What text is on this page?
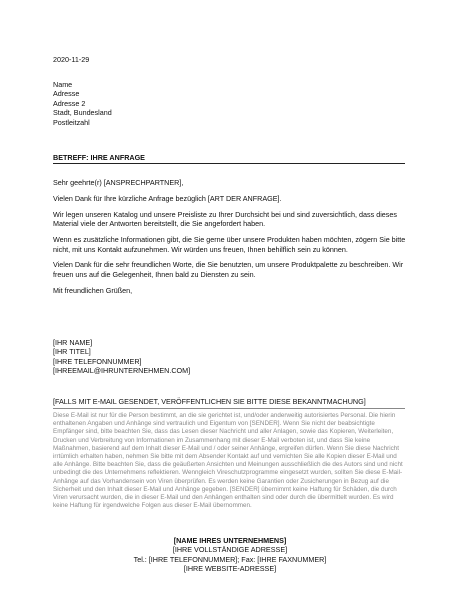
2020-11-29
Name
Adresse
Adresse 2
Stadt, Bundesland
Postleitzahl
BETREFF: IHRE ANFRAGE

Sehr geehrte(r) [ANSPRECHPARTNER],

Vielen Dank für Ihre kürzliche Anfrage bezüglich [ART DER ANFRAGE].

Wir legen unseren Katalog und unsere Preisliste zu Ihrer Durchsicht bei und sind zuversichtlich, dass dieses Material viele der Antworten bereitstellt, die Sie angefordert haben.

Wenn es zusätzliche Informationen gibt, die Sie gerne über unsere Produkten haben möchten, zögern Sie bitte nicht, mit uns Kontakt aufzunehmen. Wir würden uns freuen, Ihnen behilflich sein zu können.

Vielen Dank für die sehr freundlichen Worte, die Sie benutzten, um unsere Produktpalette zu beschreiben. Wir freuen uns auf die Gelegenheit, Ihnen bald zu Diensten zu sein.

Mit freundlichen Grüßen,

[IHR NAME]
[IHR TITEL]
[IHRE TELEFONNUMMER]
[IHREEMAIL@IHRUNTERNEHMEN.COM]
[FALLS MIT E-MAIL GESENDET, VERÖFFENTLICHEN SIE BITTE DIESE BEKANNTMACHUNG]
Diese E-Mail ist nur für die Person bestimmt, an die sie gerichtet ist, und/oder anderweitig autorisiertes Personal. Die hierin enthaltenen Angaben und Anhänge sind vertraulich und Eigentum von [SENDER]. Wenn Sie nicht der beabsichtigte Empfänger sind, bitte beachten Sie, dass das Lesen dieser Nachricht und aller Anlagen, sowie das Kopieren, Weiterleiten, Drucken und Verbreitung von Informationen im Zusammenhang mit dieser E-Mail verboten ist, und dass Sie keine Maßnahmen, basierend auf dem Inhalt dieser E-Mail und / oder seiner Anhänge, ergreifen dürfen. Wenn Sie diese Nachricht irrtümlich erhalten haben, nehmen Sie bitte mit dem Absender Kontakt auf und vernichten Sie alle Kopien dieser E-Mail und alle Anhänge. Bitte beachten Sie, dass die geäußerten Ansichten und Meinungen ausschließlich die des Autors sind und nicht unbedingt die des Unternehmens reflektieren. Wenngleich Vireschutzprogramme eingesetzt wurden, sollten Sie diese E-Mail-Anhänge auf das Vorhandensein von Viren überprüfen. Es werden keine Garantien oder Zusicherungen in Bezug auf die Sicherheit und den Inhalt dieser E-Mail und Anhänge gegeben. [SENDER] übernimmt keine Haftung für Schäden, die durch Viren verursacht wurden, die in dieser E-Mail und den Anhängen enthalten sind oder durch die übermittelt wurden. Es wird keine Haftung für irgendwelche Folgen aus dieser E-Mail übernommen.
[NAME IHRES UNTERNEHMENS]
[IHRE VOLLSTÄNDIGE ADRESSE]
Tel.: [IHRE TELEFONNUMMER]; Fax: [IHRE FAXNUMMER]
[IHRE WEBSITE-ADRESSE]
